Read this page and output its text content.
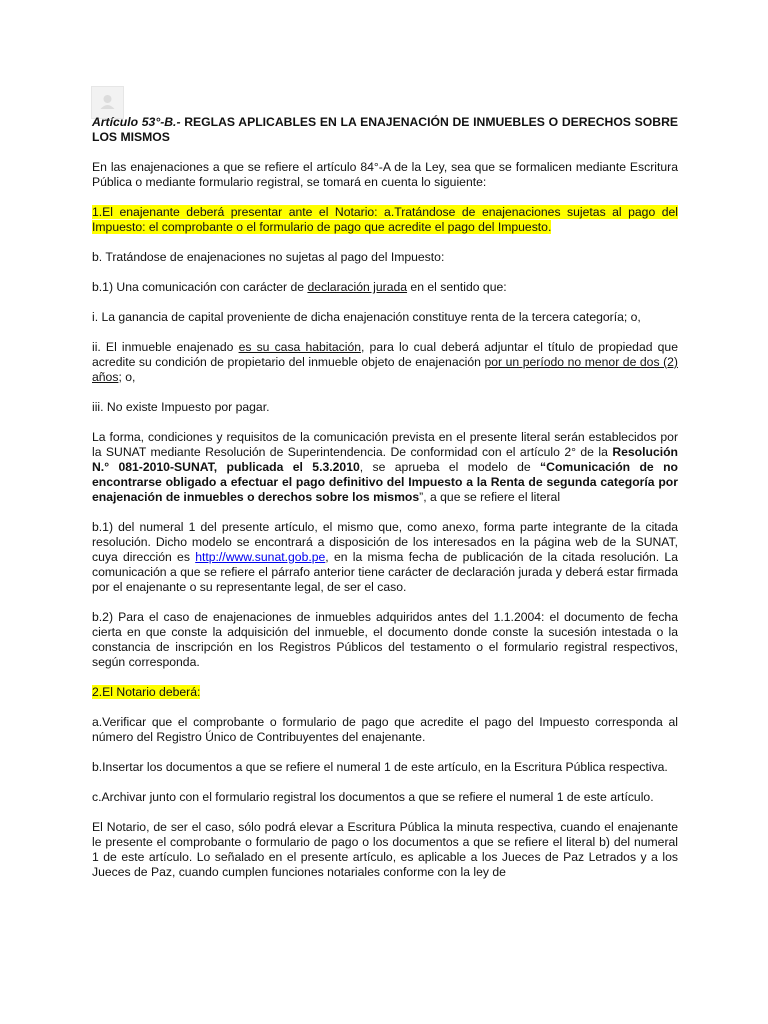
Artículo 53°-B.- REGLAS APLICABLES EN LA ENAJENACIÓN DE INMUEBLES O DERECHOS SOBRE LOS MISMOS

En las enajenaciones a que se refiere el artículo 84°-A de la Ley, sea que se formalicen mediante Escritura Pública o mediante formulario registral, se tomará en cuenta lo siguiente:

1.El enajenante deberá presentar ante el Notario: a.Tratándose de enajenaciones sujetas al pago del Impuesto: el comprobante o el formulario de pago que acredite el pago del Impuesto.

b. Tratándose de enajenaciones no sujetas al pago del Impuesto:

b.1) Una comunicación con carácter de declaración jurada en el sentido que:

i. La ganancia de capital proveniente de dicha enajenación constituye renta de la tercera categoría; o,

ii. El inmueble enajenado es su casa habitación, para lo cual deberá adjuntar el título de propiedad que acredite su condición de propietario del inmueble objeto de enajenación por un período no menor de dos (2) años; o,

iii. No existe Impuesto por pagar.

La forma, condiciones y requisitos de la comunicación prevista en el presente literal serán establecidos por la SUNAT mediante Resolución de Superintendencia. De conformidad con el artículo 2° de la Resolución N.° 081-2010-SUNAT, publicada el 5.3.2010, se aprueba el modelo de “Comunicación de no encontrarse obligado a efectuar el pago definitivo del Impuesto a la Renta de segunda categoría por enajenación de inmuebles o derechos sobre los mismos”, a que se refiere el literal

b.1) del numeral 1 del presente artículo, el mismo que, como anexo, forma parte integrante de la citada resolución. Dicho modelo se encontrará a disposición de los interesados en la página web de la SUNAT, cuya dirección es http://www.sunat.gob.pe, en la misma fecha de publicación de la citada resolución. La comunicación a que se refiere el párrafo anterior tiene carácter de declaración jurada y deberá estar firmada por el enajenante o su representante legal, de ser el caso.

b.2) Para el caso de enajenaciones de inmuebles adquiridos antes del 1.1.2004: el documento de fecha cierta en que conste la adquisición del inmueble, el documento donde conste la sucesión intestada o la constancia de inscripción en los Registros Públicos del testamento o el formulario registral respectivos, según corresponda.

2.El Notario deberá:

a.Verificar que el comprobante o formulario de pago que acredite el pago del Impuesto corresponda al número del Registro Único de Contribuyentes del enajenante.

b.Insertar los documentos a que se refiere el numeral 1 de este artículo, en la Escritura Pública respectiva.

c.Archivar junto con el formulario registral los documentos a que se refiere el numeral 1 de este artículo.

El Notario, de ser el caso, sólo podrá elevar a Escritura Pública la minuta respectiva, cuando el enajenante le presente el comprobante o formulario de pago o los documentos a que se refiere el literal b) del numeral 1 de este artículo. Lo señalado en el presente artículo, es aplicable a los Jueces de Paz Letrados y a los Jueces de Paz, cuando cumplen funciones notariales conforme con la ley de
